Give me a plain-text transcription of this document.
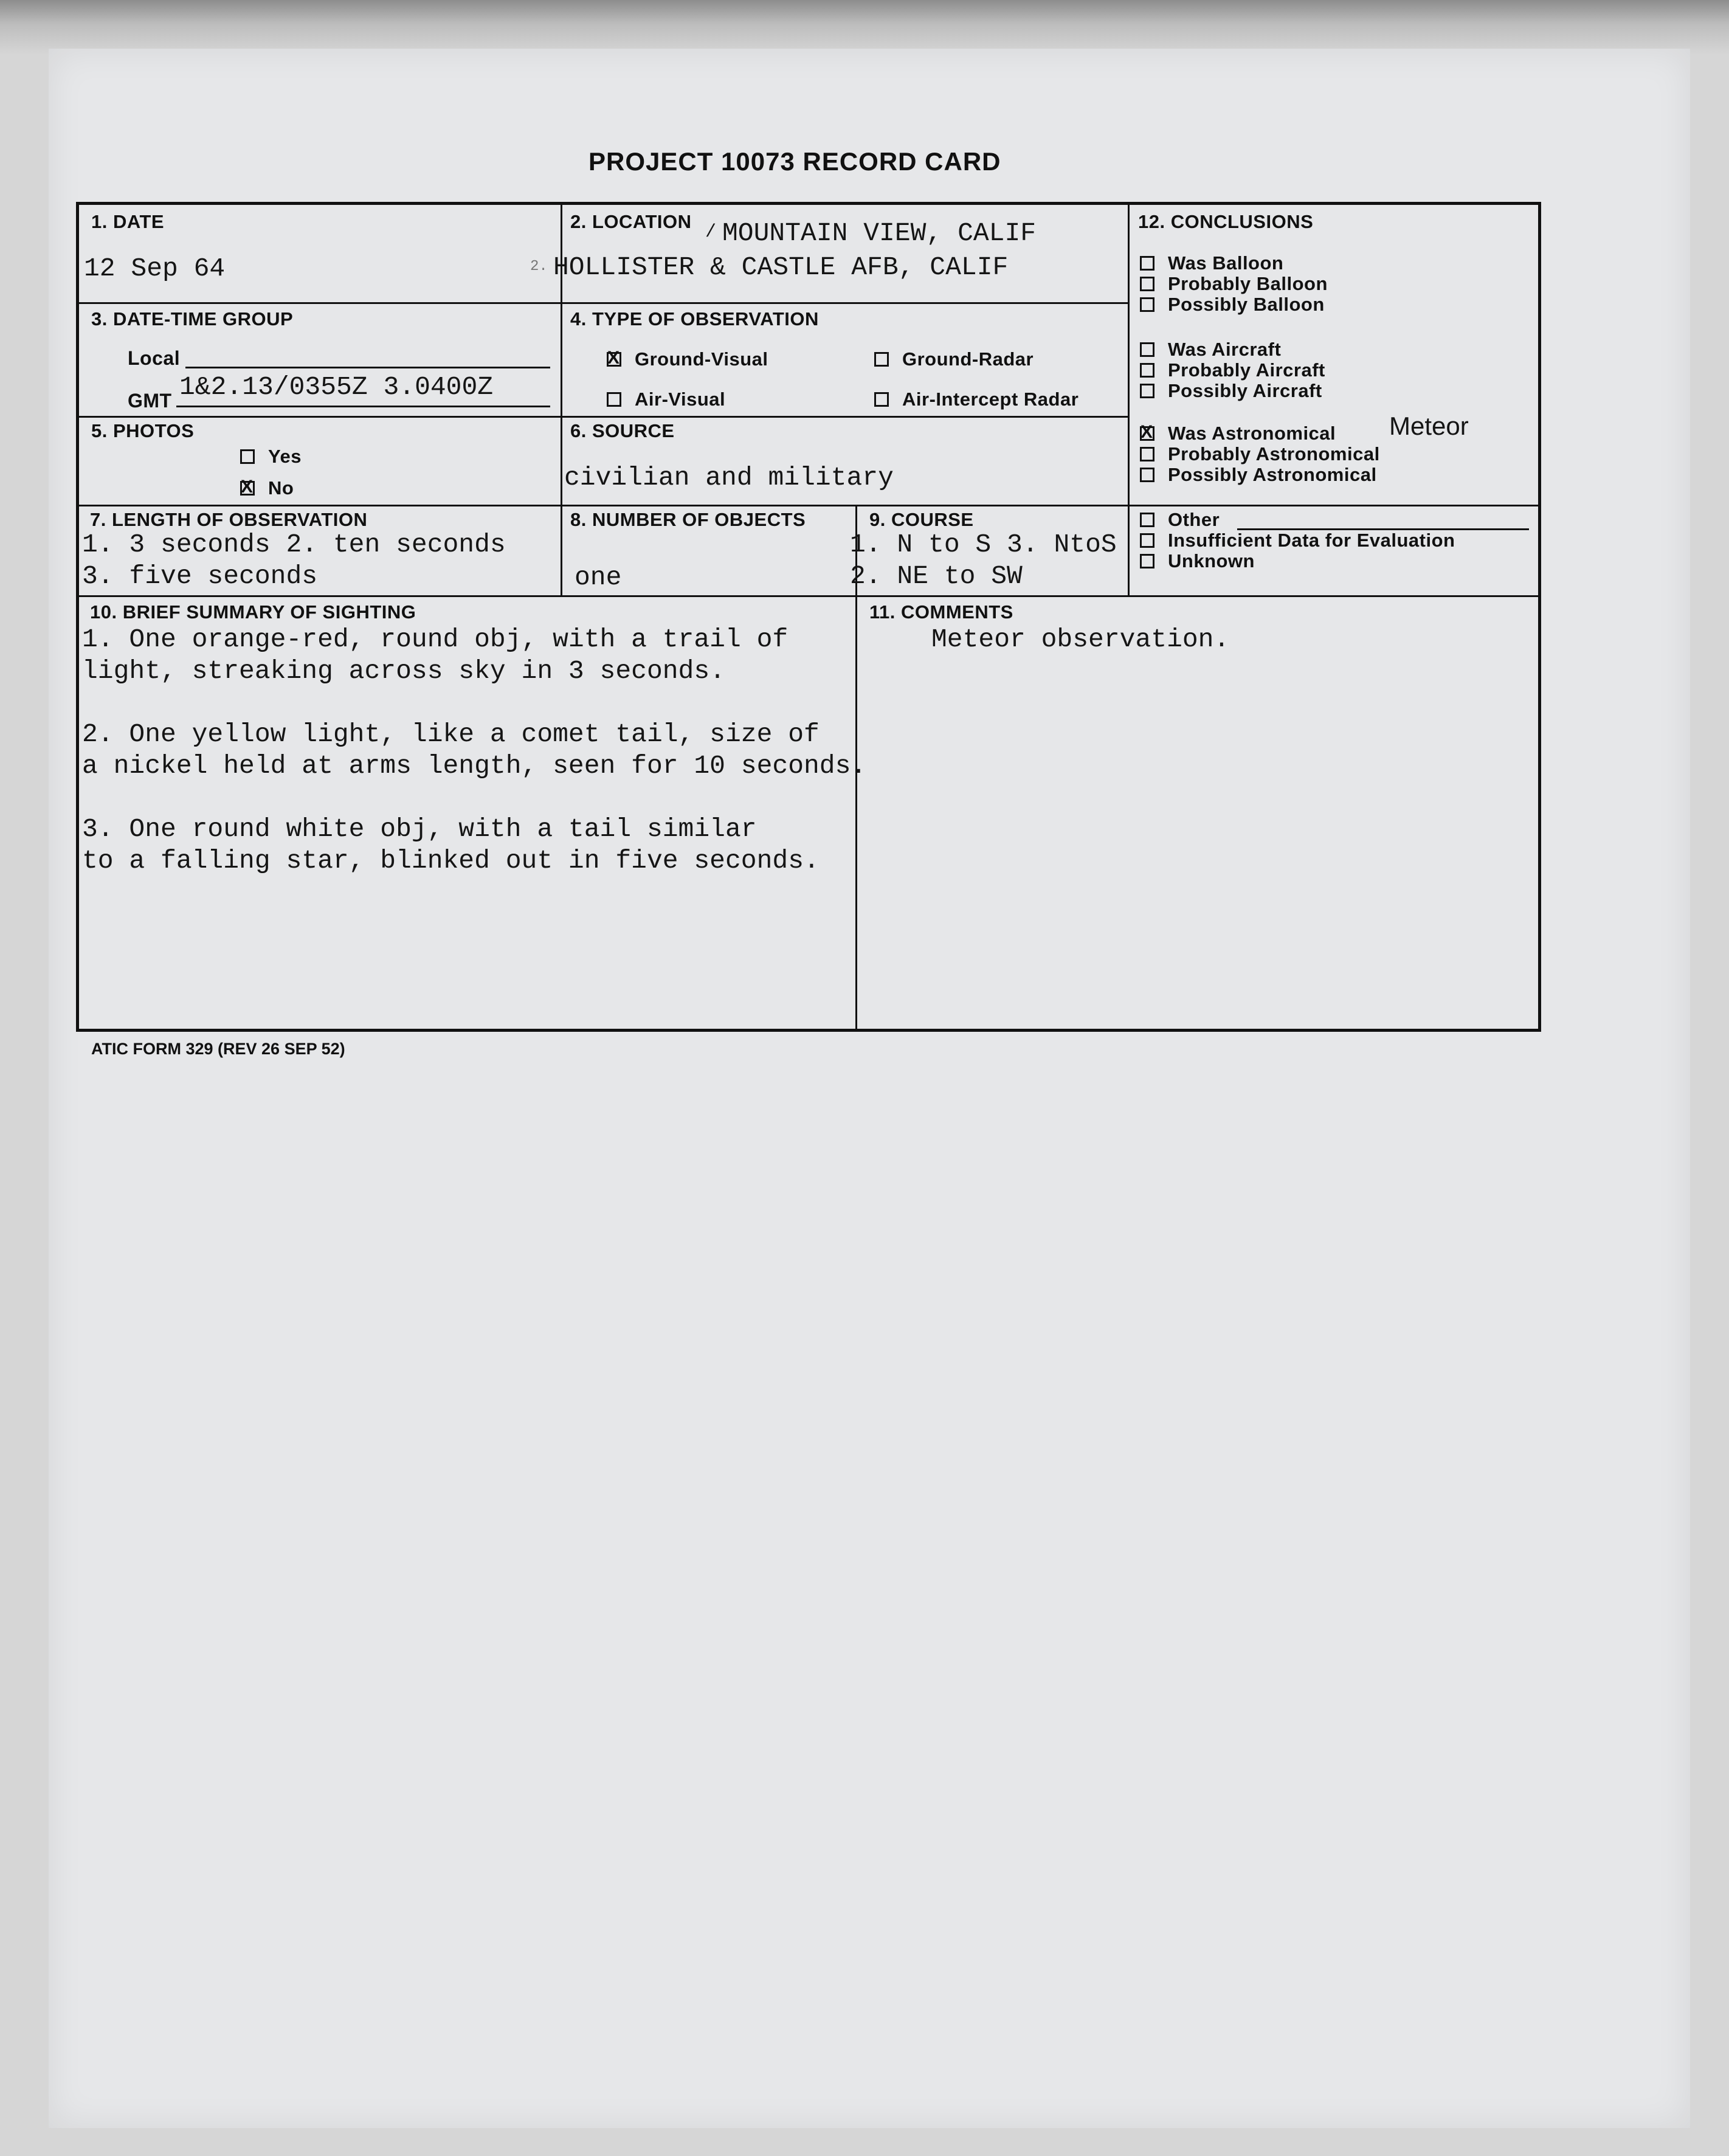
PROJECT 10073 RECORD CARD
1. DATE
12 Sep 64
2. LOCATION / MOUNTAIN VIEW, CALIF
2. HOLLISTER & CASTLE AFB, CALIF
3. DATE-TIME GROUP
Local
GMT 1&2.13/0355Z 3.0400Z
4. TYPE OF OBSERVATION
XGround-Visual	Ground-Radar
Air-Visual	Air-Intercept Radar
5. PHOTOS
Yes
XNo
6. SOURCE
civilian and military
7. LENGTH OF OBSERVATION
1. 3 seconds 2. ten seconds
3. five seconds
8. NUMBER OF OBJECTS
one
9. COURSE
1. N to S 3. NtoS
2. NE to SW
12. CONCLUSIONS
Was Balloon
Probably Balloon
Possibly Balloon
Was Aircraft
Probably Aircraft
Possibly Aircraft
XWas Astronomical Meteor
Probably Astronomical
Possibly Astronomical
Other
Insufficient Data for Evaluation
Unknown
10. BRIEF SUMMARY OF SIGHTING
1. One orange-red, round obj, with a trail of
light, streaking across sky in 3 seconds.
2. One yellow light, like a comet tail, size of
a nickel held at arms length, seen for 10 seconds.
3. One round white obj, with a tail similar
to a falling star, blinked out in five seconds.
11. COMMENTS
Meteor observation.
ATIC FORM 329 (REV 26 SEP 52)
